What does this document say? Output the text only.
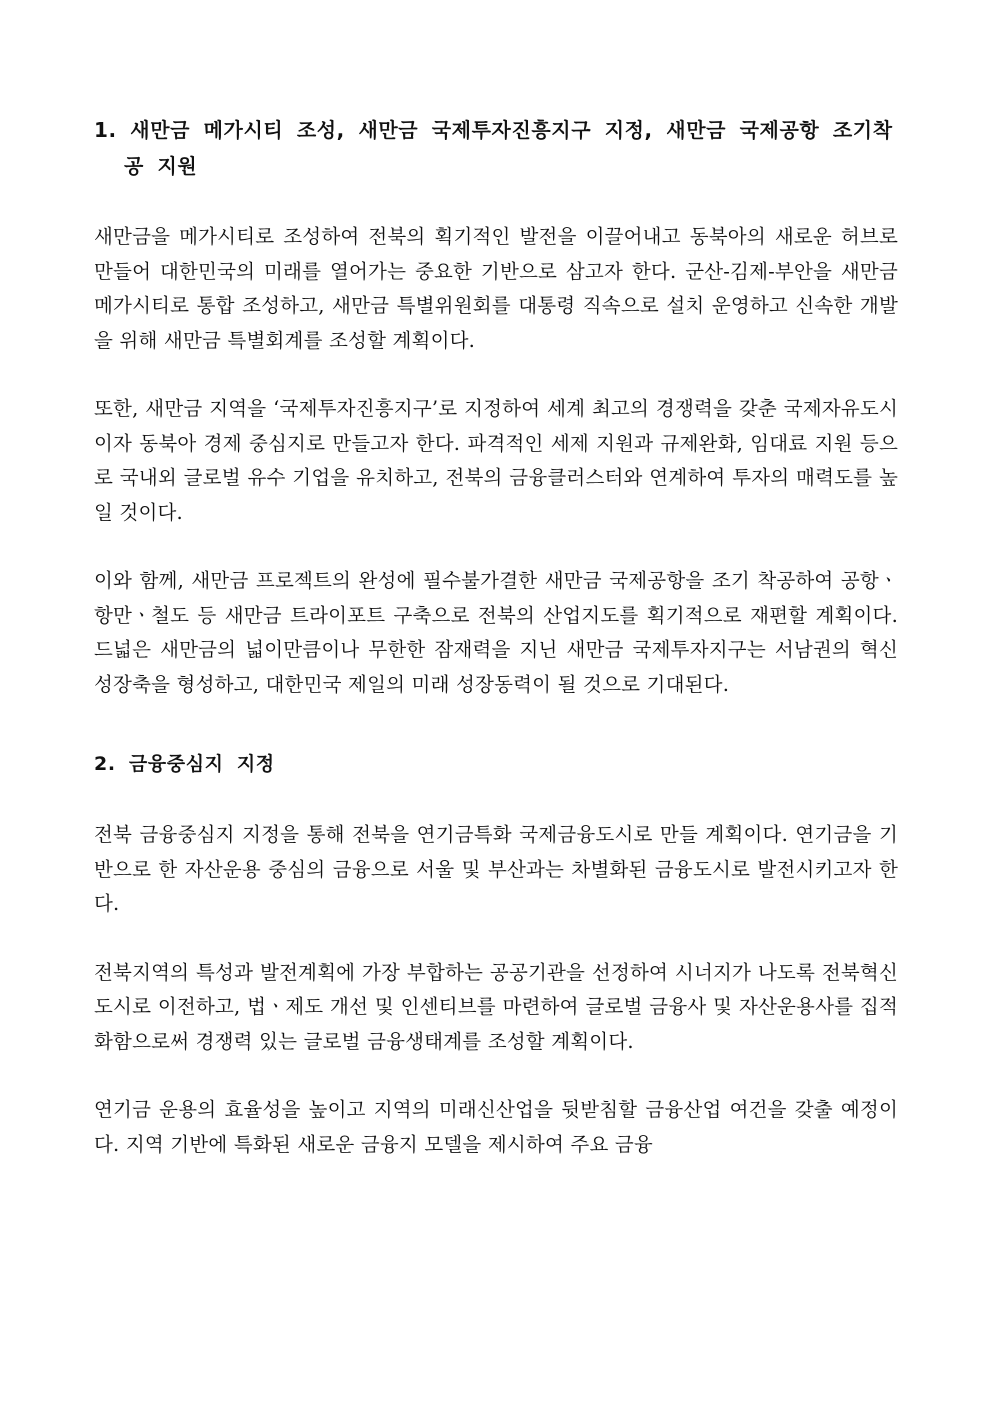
1. 새만금 메가시티 조성, 새만금 국제투자진흥지구 지정, 새만금 국제공항 조기착공 지원

새만금을 메가시티로 조성하여 전북의 획기적인 발전을 이끌어내고 동북아의 새로운 허브로 만들어 대한민국의 미래를 열어가는 중요한 기반으로 삼고자 한다. 군산-김제-부안을 새만금 메가시티로 통합 조성하고, 새만금 특별위원회를 대통령 직속으로 설치 운영하고 신속한 개발을 위해 새만금 특별회계를 조성할 계획이다.

또한, 새만금 지역을 ‘국제투자진흥지구’로 지정하여 세계 최고의 경쟁력을 갖춘 국제자유도시이자 동북아 경제 중심지로 만들고자 한다. 파격적인 세제 지원과 규제완화, 임대료 지원 등으로 국내외 글로벌 유수 기업을 유치하고, 전북의 금융클러스터와 연계하여 투자의 매력도를 높일 것이다.

이와 함께, 새만금 프로젝트의 완성에 필수불가결한 새만금 국제공항을 조기 착공하여 공항ㆍ항만ㆍ철도 등 새만금 트라이포트 구축으로 전북의 산업지도를 획기적으로 재편할 계획이다. 드넓은 새만금의 넓이만큼이나 무한한 잠재력을 지닌 새만금 국제투자지구는 서남권의 혁신 성장축을 형성하고, 대한민국 제일의 미래 성장동력이 될 것으로 기대된다.

2. 금융중심지 지정

전북 금융중심지 지정을 통해 전북을 연기금특화 국제금융도시로 만들 계획이다. 연기금을 기반으로 한 자산운용 중심의 금융으로 서울 및 부산과는 차별화된 금융도시로 발전시키고자 한다.

전북지역의 특성과 발전계획에 가장 부합하는 공공기관을 선정하여 시너지가 나도록 전북혁신도시로 이전하고, 법ㆍ제도 개선 및 인센티브를 마련하여 글로벌 금융사 및 자산운용사를 집적화함으로써 경쟁력 있는 글로벌 금융생태계를 조성할 계획이다.

연기금 운용의 효율성을 높이고 지역의 미래신산업을 뒷받침할 금융산업 여건을 갖출 예정이다. 지역 기반에 특화된 새로운 금융지 모델을 제시하여 주요 금융
